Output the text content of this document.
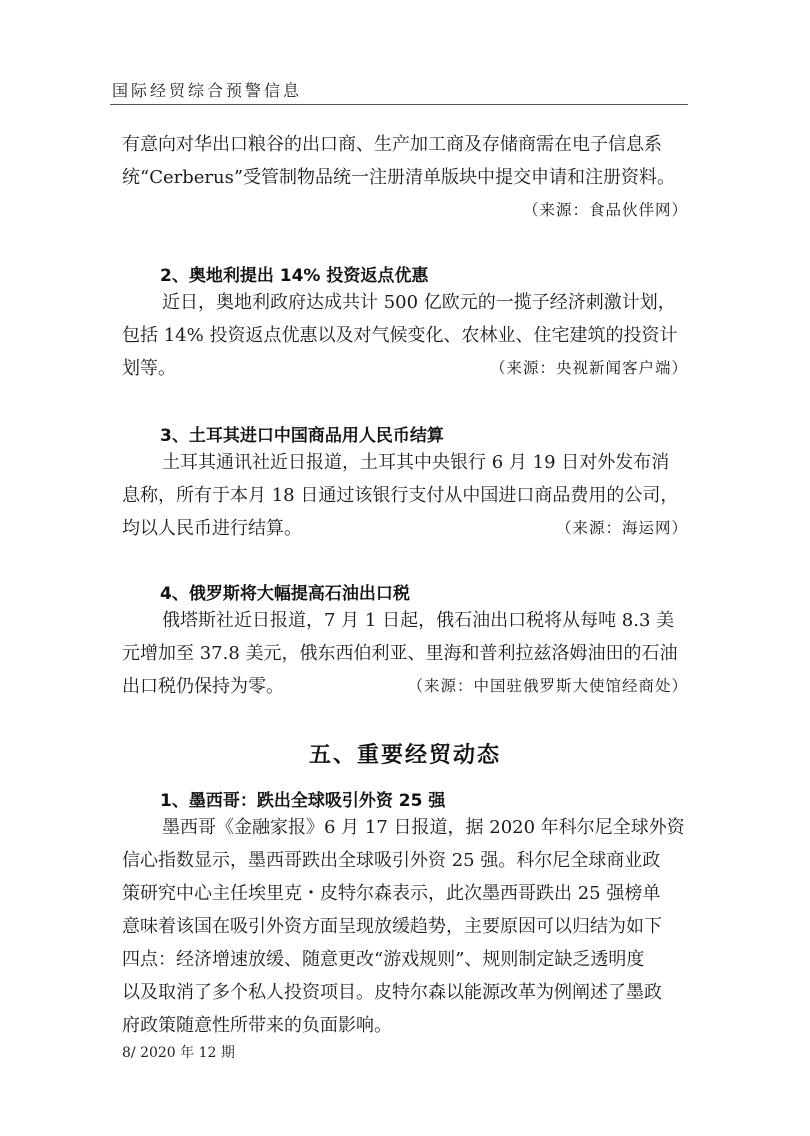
国际经贸综合预警信息

有意向对华出口粮谷的出口商、生产加工商及存储商需在电子信息系

统“Cerberus”受管制物品统一注册清单版块中提交申请和注册资料。

（来源：食品伙伴网）
2、奥地利提出 14% 投资返点优惠

近日，奥地利政府达成共计 500 亿欧元的一揽子经济刺激计划，

包括 14% 投资返点优惠以及对气候变化、农林业、住宅建筑的投资计

划等。	（来源：央视新闻客户端）
3、土耳其进口中国商品用人民币结算

土耳其通讯社近日报道，土耳其中央银行 6 月 19 日对外发布消

息称，所有于本月 18 日通过该银行支付从中国进口商品费用的公司，

均以人民币进行结算。	（来源：海运网）
4、俄罗斯将大幅提高石油出口税

俄塔斯社近日报道，7 月 1 日起，俄石油出口税将从每吨 8.3 美

元增加至 37.8 美元，俄东西伯利亚、里海和普利拉兹洛姆油田的石油

出口税仍保持为零。	（来源：中国驻俄罗斯大使馆经商处）
五、重要经贸动态
1、墨西哥：跌出全球吸引外资 25 强

墨西哥《金融家报》6 月 17 日报道，据 2020 年科尔尼全球外资

信心指数显示，墨西哥跌出全球吸引外资 25 强。科尔尼全球商业政

策研究中心主任埃里克・皮特尔森表示，此次墨西哥跌出 25 强榜单

意味着该国在吸引外资方面呈现放缓趋势，主要原因可以归结为如下

四点：经济增速放缓、随意更改“游戏规则”、规则制定缺乏透明度

以及取消了多个私人投资项目。皮特尔森以能源改革为例阐述了墨政

府政策随意性所带来的负面影响。

8/ 2020 年 12 期
